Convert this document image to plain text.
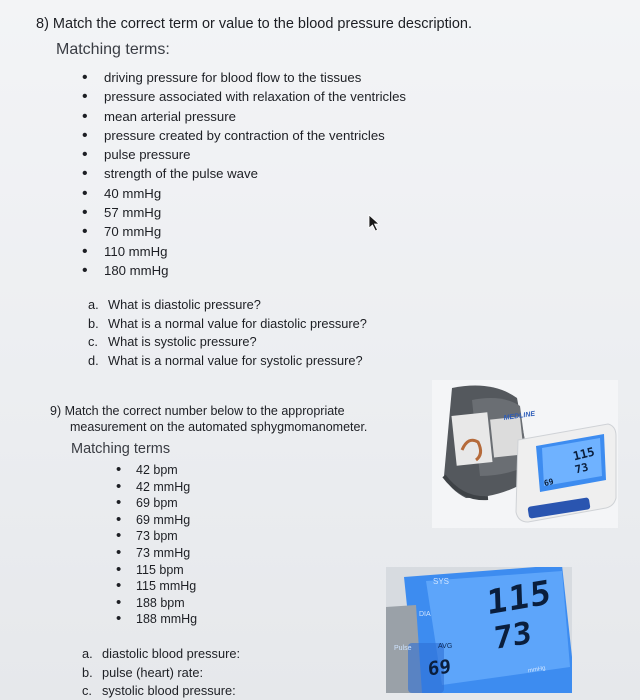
8) Match the correct term or value to the blood pressure description.
Matching terms:
• driving pressure for blood flow to the tissues
• pressure associated with relaxation of the ventricles
• mean arterial pressure
• pressure created by contraction of the ventricles
• pulse pressure
• strength of the pulse wave
• 40 mmHg
• 57 mmHg
• 70 mmHg
• 110 mmHg
• 180 mmHg
a. What is diastolic pressure?
b. What is a normal value for diastolic pressure?
c. What is systolic pressure?
d. What is a normal value for systolic pressure?
9) Match the correct number below to the appropriate
measurement on the automated sphygmomanometer.
Matching terms
• 42 bpm
• 42 mmHg
• 69 bpm
• 69 mmHg
• 73 bpm
• 73 mmHg
• 115 bpm
• 115 mmHg
• 188 bpm
• 188 mmHg
a. diastolic blood pressure:
b. pulse (heart) rate:
c. systolic blood pressure:
MEDLINE
115
73
69
SYS
DIA
Pulse	AVG
115
73
69	mmHg
